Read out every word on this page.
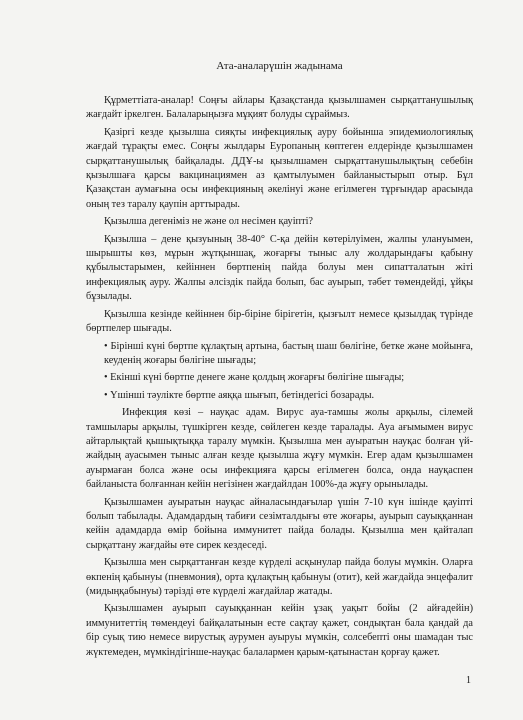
Ата-аналарүшін жадынама

Құрметтіата-аналар! Соңғы айлары Қазақстанда қызылшамен сырқаттанушылық жағдайт іркелген. Балаларыңызға мұқият болуды сұраймыз.

Қазіргі кезде қызылша сияқты инфекциялық ауру бойынша эпидемиологиялық жағдай тұрақты емес. Соңғы жылдары Еуропаның көптеген елдерінде қызылшамен сырқаттанушылық байқалады. ДДҰ-ы қызылшамен сырқаттанушылықтың себебін қызылшаға қарсы вакцинациямен аз қамтылуымен байланыстырып отыр. Бұл Қазақстан аумағына осы инфекцияның әкелінуі және егілмеген тұрғындар арасында оның тез таралу қаупін арттырады.

Қызылша дегеніміз не және ол несімен қауіпті?

Қызылша – дене қызуының 38-40° С-қа дейін көтерілуімен, жалпы улануымен, шырышты көз, мұрын жұтқыншақ, жоғарғы тыныс алу жолдарындағы қабыну құбылыстарымен, кейіннен бөртпенің пайда болуы мен сипатталатын жіті инфекциялық ауру. Жалпы әлсіздік пайда болып, бас ауырып, тәбет төмендейді, ұйқы бұзылады.

Қызылша кезінде кейіннен бір-біріне бірігетін, қызғылт немесе қызылдақ түрінде бөртпелер шығады.

• Бірінші күні бөртпе құлақтың артына, бастың шаш бөлігіне, бетке және мойынға, кеуденің жоғары бөлігіне шығады;

• Екінші күні бөртпе денеге және қолдың жоғарғы бөлігіне шығады;

• Үшінші тәулікте бөртпе аяққа шығып, бетіндегісі бозарады.

Инфекция көзі – науқас адам. Вирус ауа-тамшы жолы арқылы, сілемей тамшылары арқылы, түшкірген кезде, сөйлеген кезде таралады. Ауа ағымымен вирус айтарлықтай қышықтыққа таралу мүмкін. Қызылша мен ауыратын науқас болған үй-жайдың ауасымен тыныс алған кезде қызылша жұғу мүмкін. Егер адам қызылшамен ауырмаған болса және осы инфекцияға қарсы егілмеген болса, онда науқаспен байланыста болғаннан кейін негізінен жағдайлдан 100%-да жұғу орынылады.

Қызылшамен ауыратын науқас айналасындағылар үшін 7-10 күн ішінде қауіпті болып табылады. Адамдардың табиғи сезімталдығы өте жоғары, ауырып сауыққаннан кейін адамдарда өмір бойына иммунитет пайда болады. Қызылша мен қайталап сырқаттану жағдайы өте сирек кездеседі.

Қызылша мен сырқаттанған кезде күрделі асқынулар пайда болуы мүмкін. Оларға өкпенің қабынуы (пневмония), орта құлақтың қабынуы (отит), кей жағдайда энцефалит (мидыңқабынуы) тәрізді өте күрделі жағдайлар жатады.

Қызылшамен ауырып сауыққаннан кейін ұзақ уақыт бойы (2 айғадейін) иммунитеттің төмендеуі байқалатынын есте сақтау қажет, сондықтан бала қандай да бір суық тию немесе вирустық аурумен ауыруы мүмкін, солсебепті оны шамадан тыс жүктемеден, мүмкіндігінше-науқас балалармен қарым-қатынастан қорғау қажет.

1
